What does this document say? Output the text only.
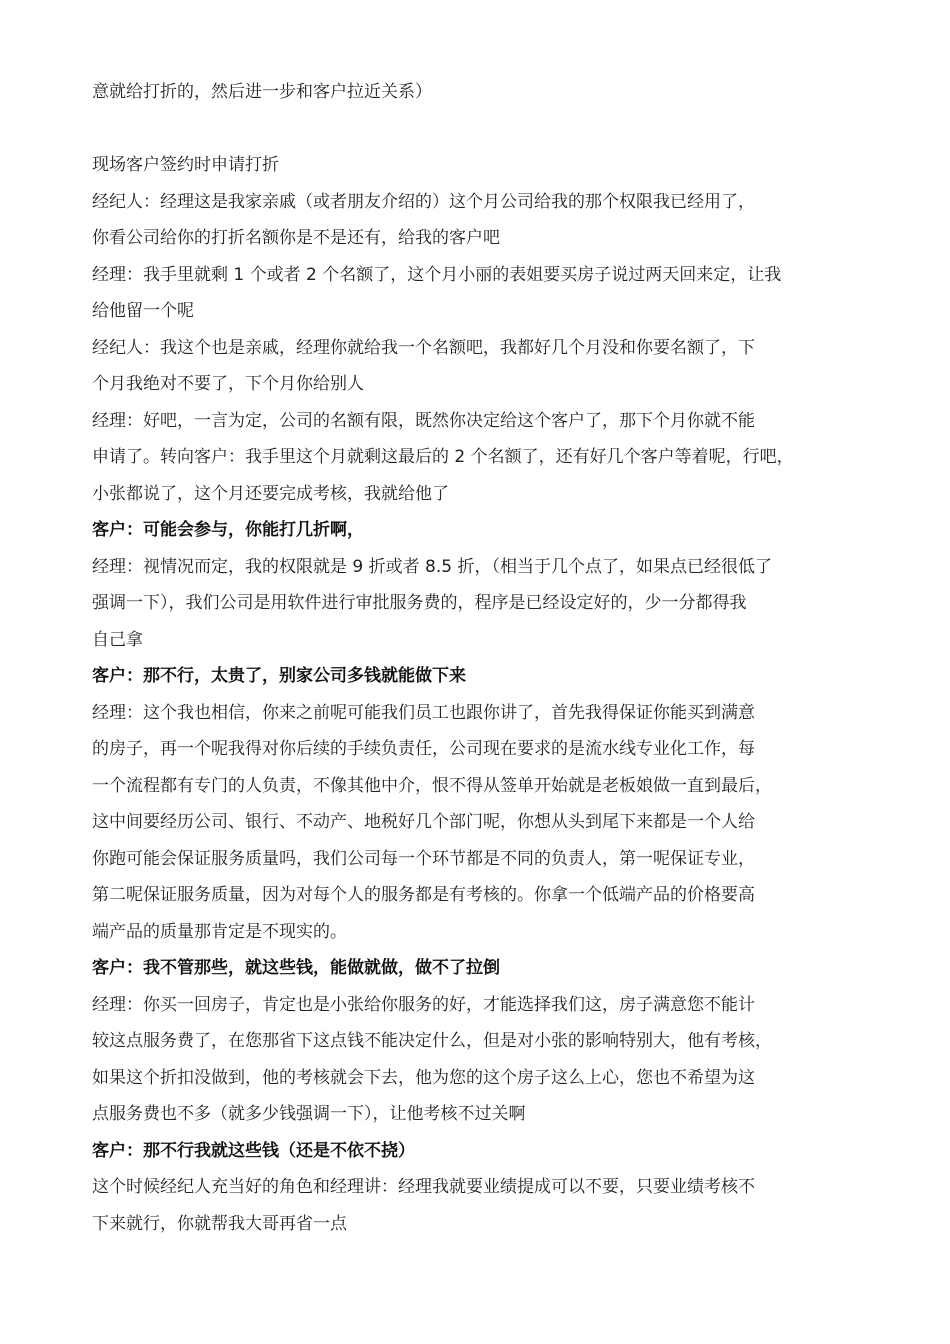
意就给打折的，然后进一步和客户拉近关系）
现场客户签约时申请打折
经纪人：经理这是我家亲戚（或者朋友介绍的）这个月公司给我的那个权限我已经用了，
你看公司给你的打折名额你是不是还有，给我的客户吧
经理：我手里就剩 1 个或者 2 个名额了，这个月小丽的表姐要买房子说过两天回来定，让我
给他留一个呢
经纪人：我这个也是亲戚，经理你就给我一个名额吧，我都好几个月没和你要名额了，下
个月我绝对不要了，下个月你给别人
经理：好吧，一言为定，公司的名额有限，既然你决定给这个客户了，那下个月你就不能
申请了。转向客户：我手里这个月就剩这最后的 2 个名额了，还有好几个客户等着呢，行吧，
小张都说了，这个月还要完成考核，我就给他了
客户：可能会参与，你能打几折啊，
经理：视情况而定，我的权限就是 9 折或者 8.5 折，（相当于几个点了，如果点已经很低了
强调一下），我们公司是用软件进行审批服务费的，程序是已经设定好的，少一分都得我
自己拿
客户：那不行，太贵了，别家公司多钱就能做下来
经理：这个我也相信，你来之前呢可能我们员工也跟你讲了，首先我得保证你能买到满意
的房子，再一个呢我得对你后续的手续负责任，公司现在要求的是流水线专业化工作，每
一个流程都有专门的人负责，不像其他中介，恨不得从签单开始就是老板娘做一直到最后，
这中间要经历公司、银行、不动产、地税好几个部门呢，你想从头到尾下来都是一个人给
你跑可能会保证服务质量吗，我们公司每一个环节都是不同的负责人，第一呢保证专业，
第二呢保证服务质量，因为对每个人的服务都是有考核的。你拿一个低端产品的价格要高
端产品的质量那肯定是不现实的。
客户：我不管那些，就这些钱，能做就做，做不了拉倒
经理：你买一回房子，肯定也是小张给你服务的好，才能选择我们这，房子满意您不能计
较这点服务费了，在您那省下这点钱不能决定什么，但是对小张的影响特别大，他有考核，
如果这个折扣没做到，他的考核就会下去，他为您的这个房子这么上心，您也不希望为这
点服务费也不多（就多少钱强调一下），让他考核不过关啊
客户：那不行我就这些钱（还是不依不挠）
这个时候经纪人充当好的角色和经理讲：经理我就要业绩提成可以不要，只要业绩考核不
下来就行，你就帮我大哥再省一点
